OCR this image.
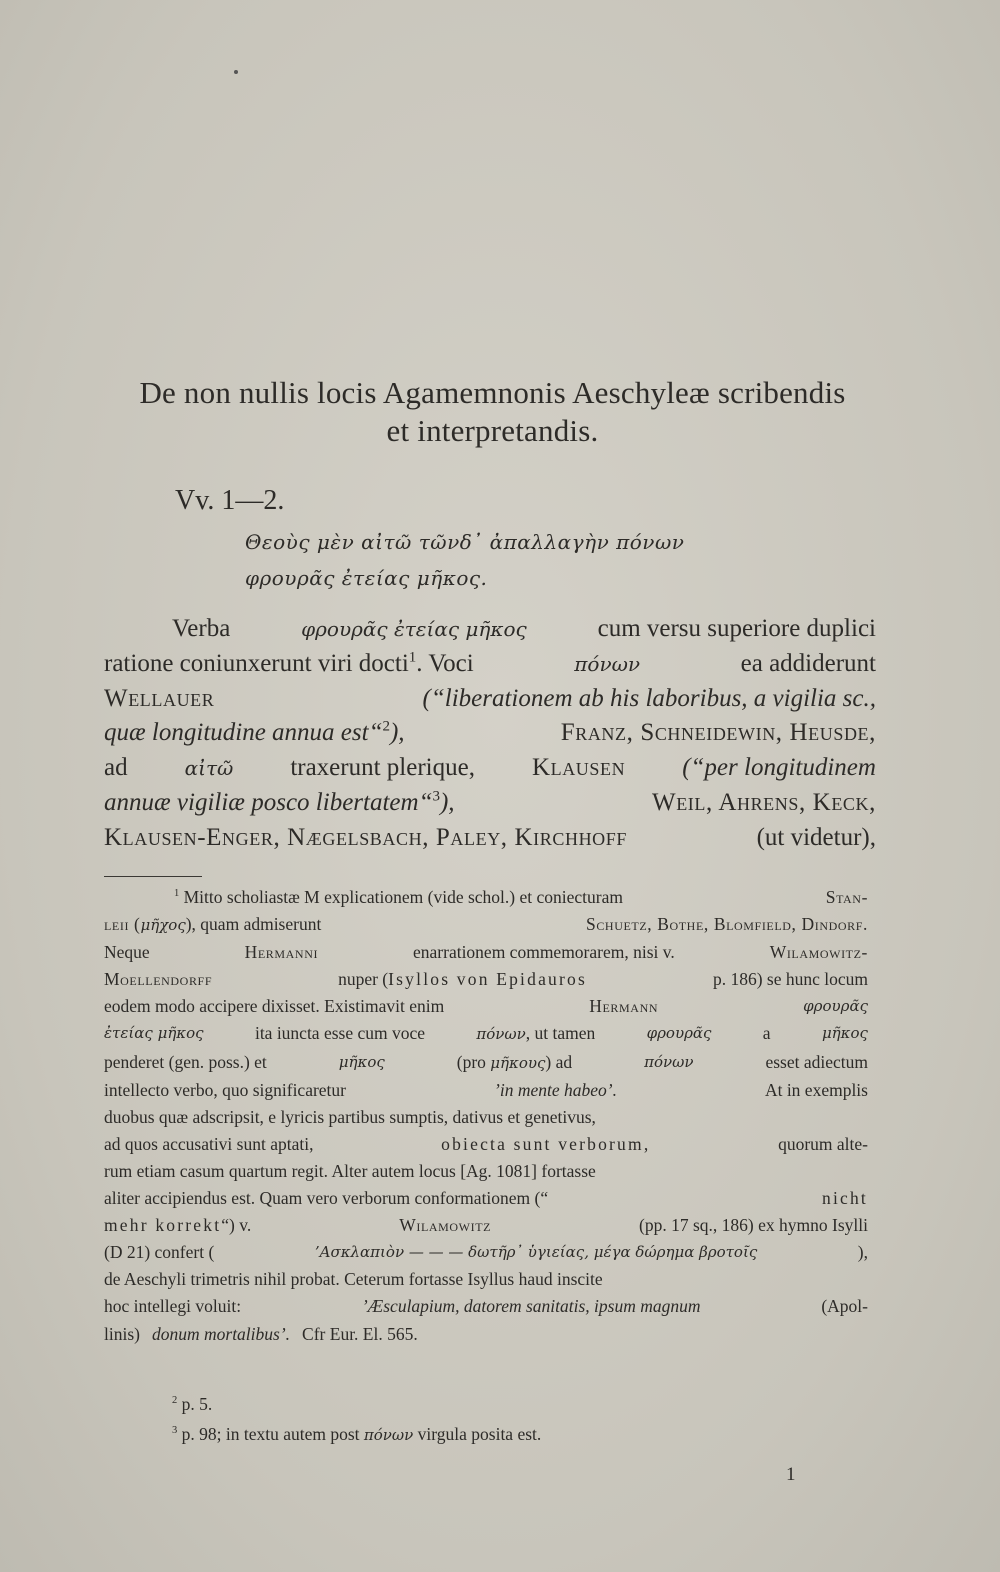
De non nullis locis Agamemnonis Aeschyleæ scribendis
et interpretandis.
Vv. 1—2.
Θεοὺς μὲν αἰτῶ τῶνδ᾽ ἀπαλλαγὴν πόνων
φρουρᾶς ἐτείας μῆκος.
Verba	φρουρᾶς ἐτείας μῆκος	cum versu superiore duplici
ratione coniunxerunt viri docti$^1$. Voci	πόνων	ea addiderunt
Wellauer	(“liberationem ab his laboribus, a vigilia sc.,
quæ longitudine annua est“$^2$),	Franz, Schneidewin, Heusde,
ad	αἰτῶ traxerunt plerique, Klausen (“per longitudinem
annuæ vigiliæ posco libertatem“$^3$),	Weil, Ahrens, Keck,
Klausen-Enger, Nægelsbach, Paley, Kirchhoff	(ut videtur),
$^1$ Mitto scholiastæ M explicationem (vide schol.) et coniecturam	Stan-
leii (μῆχος), quam admiserunt	Schuetz, Bothe, Blomfield, Dindorf.
Neque	Hermanni	enarrationem commemorarem, nisi v.	Wilamowitz-
Moellendorff	nuper (Isyllos von Epidauros	p. 186) se hunc locum
eodem modo accipere dixisset. Existimavit enim	Hermann	φρουρᾶς
ἐτείας μῆκος	ita iuncta esse cum voce	πόνων, ut tamen	φρουρᾶς	a	μῆκος
penderet (gen. poss.) et	μῆκος	(pro μῆκους) ad	πόνων	esset adiectum
intellecto verbo, quo significaretur	’in mente habeo’.	At in exemplis
duobus quæ adscripsit, e lyricis partibus sumptis, dativus et genetivus,
ad quos accusativi sunt aptati,	obiecta sunt verborum,	quorum alte-
rum etiam casum quartum regit. Alter autem locus [Ag. 1081] fortasse
aliter accipiendus est. Quam vero verborum conformationem (“	nicht
mehr korrekt“) v.	Wilamowitz	(pp. 17 sq., 186) ex hymno Isylli
(D 21) confert (	’Ασκλαπιὸν — — — δωτῆρ᾽ ὑγιείας, μέγα δώρημα βροτοῖς	),
de Aeschyli trimetris nihil probat. Ceterum fortasse Isyllus haud inscite
hoc intellegi voluit:	’Æsculapium, datorem sanitatis, ipsum magnum	(Apol-
linis) donum mortalibus’. Cfr Eur. El. 565.
$^2$ p. 5.
$^3$ p. 98; in textu autem post πόνων virgula posita est.
1
